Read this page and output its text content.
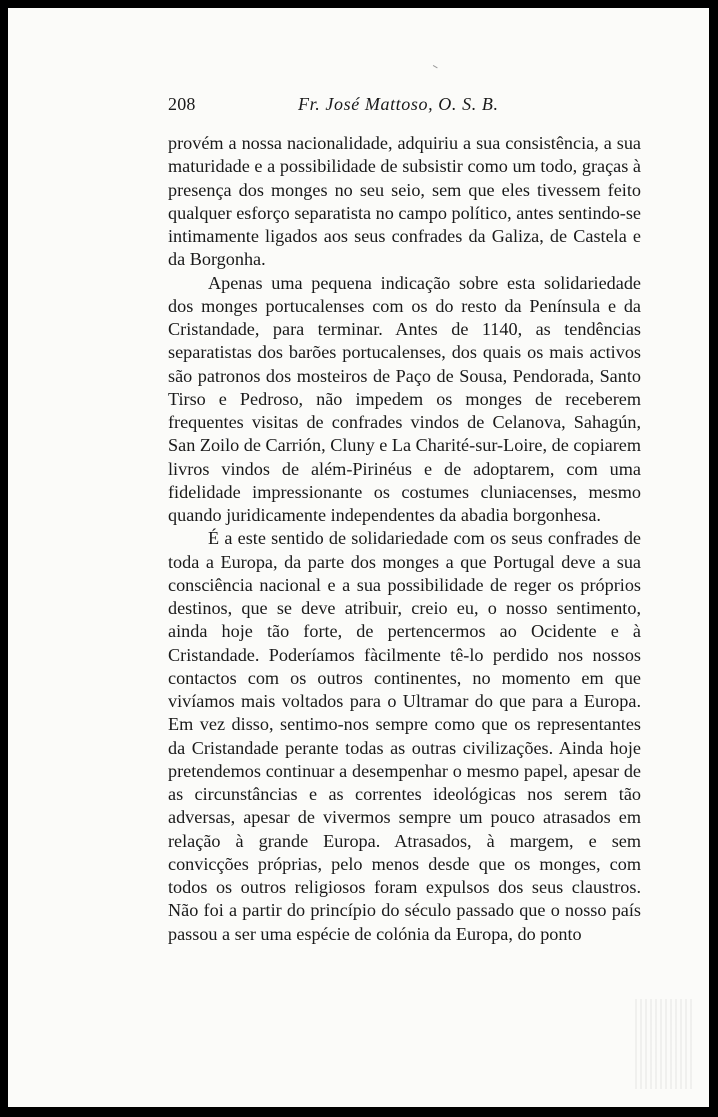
208	Fr. José Mattoso, O. S. B.

provém a nossa nacionalidade, adquiriu a sua consistência, a sua maturidade e a possibilidade de subsistir como um todo, graças à presença dos monges no seu seio, sem que eles tivessem feito qualquer esforço separatista no campo político, antes sentindo-se intimamente ligados aos seus confrades da Galiza, de Castela e da Borgonha.

Apenas uma pequena indicação sobre esta solidariedade dos monges portucalenses com os do resto da Península e da Cristandade, para terminar. Antes de 1140, as tendências separatistas dos barões portucalenses, dos quais os mais activos são patronos dos mosteiros de Paço de Sousa, Pendorada, Santo Tirso e Pedroso, não impedem os monges de receberem frequentes visitas de confrades vindos de Celanova, Sahagún, San Zoilo de Carrión, Cluny e La Charité-sur-Loire, de copiarem livros vindos de além-Pirinéus e de adoptarem, com uma fidelidade impressionante os costumes cluniacenses, mesmo quando juridicamente independentes da abadia borgonhesa.

É a este sentido de solidariedade com os seus confrades de toda a Europa, da parte dos monges a que Portugal deve a sua consciência nacional e a sua possibilidade de reger os próprios destinos, que se deve atribuir, creio eu, o nosso sentimento, ainda hoje tão forte, de pertencermos ao Ocidente e à Cristandade. Poderíamos fàcilmente tê-lo perdido nos nossos contactos com os outros continentes, no momento em que vivíamos mais voltados para o Ultramar do que para a Europa. Em vez disso, sentimo-nos sempre como que os representantes da Cristandade perante todas as outras civilizações. Ainda hoje pretendemos continuar a desempenhar o mesmo papel, apesar de as circunstâncias e as correntes ideológicas nos serem tão adversas, apesar de vivermos sempre um pouco atrasados em relação à grande Europa. Atrasados, à margem, e sem convicções próprias, pelo menos desde que os monges, com todos os outros religiosos foram expulsos dos seus claustros. Não foi a partir do princípio do século passado que o nosso país passou a ser uma espécie de colónia da Europa, do ponto
